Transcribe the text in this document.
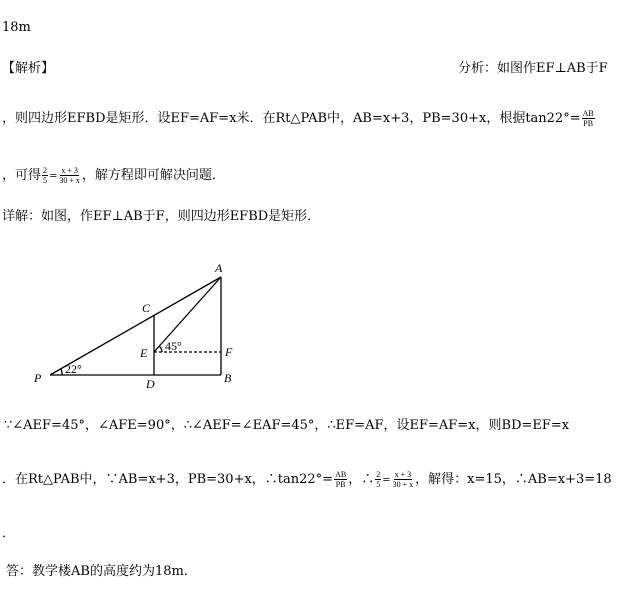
18m
【解析】	分析：如图作EF⊥AB于F
，则四边形EFBD是矩形．设EF=AF=x米．在Rt△PAB中，AB=x+3，PB=30+x，根据$\tan 22^\circ= \frac{AB}{PB}$
，可得 $\frac{2}{5} = \frac{x + 3}{30 + x}$ ，解方程即可解决问题．
详解：如图，作EF⊥AB于F，则四边形EFBD是矩形．
A
C
E	F
P	D	B
22°
45°
∵∠AEF=45°，∠AFE=90°，∴∠AEF=∠EAF=45°，∴EF=AF，设EF=AF=x，则BD=EF=x
．在Rt△PAB中，∵AB=x+3，PB=30+x，∴tan22°= $\frac{AB}{PB}$ ，∴ $\frac{2}{5} = \frac{x + 3}{30 + x}$ ，解得：x=15，∴AB=x+3=18
．
答：教学楼AB的高度约为18m．
